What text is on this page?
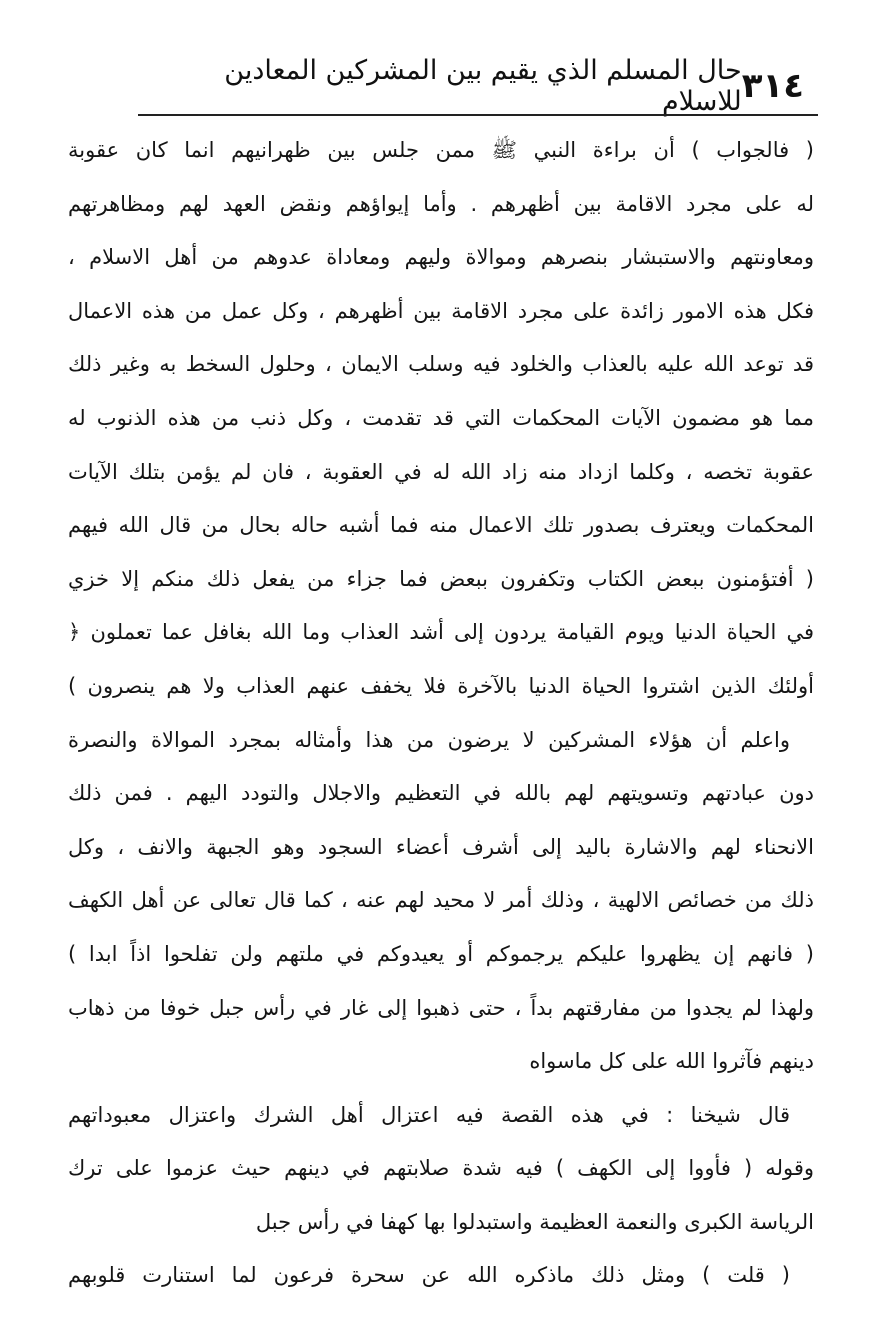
٣١٤
حال المسلم الذي يقيم بين المشركين المعادين للاسلام
( فالجواب ) أن براءة النبي ﷺ ممن جلس بين ظهرانيهم انما كان عقوبة
له على مجرد الاقامة بين أظهرهم . وأما إيواؤهم ونقض العهد لهم ومظاهرتهم
ومعاونتهم والاستبشار بنصرهم وموالاة وليهم ومعاداة عدوهم من أهل الاسلام ،
فكل هذه الامور زائدة على مجرد الاقامة بين أظهرهم ، وكل عمل من هذه الاعمال
قد توعد الله عليه بالعذاب والخلود فيه وسلب الايمان ، وحلول السخط به وغير ذلك
مما هو مضمون الآيات المحكمات التي قد تقدمت ، وكل ذنب من هذه الذنوب له
عقوبة تخصه ، وكلما ازداد منه زاد الله له في العقوبة ، فان لم يؤمن بتلك الآيات
المحكمات ويعترف بصدور تلك الاعمال منه فما أشبه حاله بحال من قال الله فيهم
( أفتؤمنون ببعض الكتاب وتكفرون ببعض فما جزاء من يفعل ذلك منكم إلا خزي
في الحياة الدنيا ويوم القيامة يردون إلى أشد العذاب وما الله بغافل عما تعملون ﴿
أولئك الذين اشتروا الحياة الدنيا بالآخرة فلا يخفف عنهم العذاب ولا هم ينصرون )
واعلم أن هؤلاء المشركين لا يرضون من هذا وأمثاله بمجرد الموالاة والنصرة
دون عبادتهم وتسويتهم لهم بالله في التعظيم والاجلال والتودد اليهم . فمن ذلك
الانحناء لهم والاشارة باليد إلى أشرف أعضاء السجود وهو الجبهة والانف ، وكل
ذلك من خصائص الالهية ، وذلك أمر لا محيد لهم عنه ، كما قال تعالى عن أهل الكهف
( فانهم إن يظهروا عليكم يرجموكم أو يعيدوكم في ملتهم ولن تفلحوا اذاً ابدا )
ولهذا لم يجدوا من مفارقتهم بداً ، حتى ذهبوا إلى غار في رأس جبل خوفا من ذهاب
دينهم فآثروا الله على كل ماسواه
قال شيخنا : في هذه القصة فيه اعتزال أهل الشرك واعتزال معبوداتهم
وقوله ( فأووا إلى الكهف ) فيه شدة صلابتهم في دينهم حيث عزموا على ترك
الرياسة الكبرى والنعمة العظيمة واستبدلوا بها كهفا في رأس جبل
( قلت ) ومثل ذلك ماذكره الله عن سحرة فرعون لما استنارت قلوبهم
